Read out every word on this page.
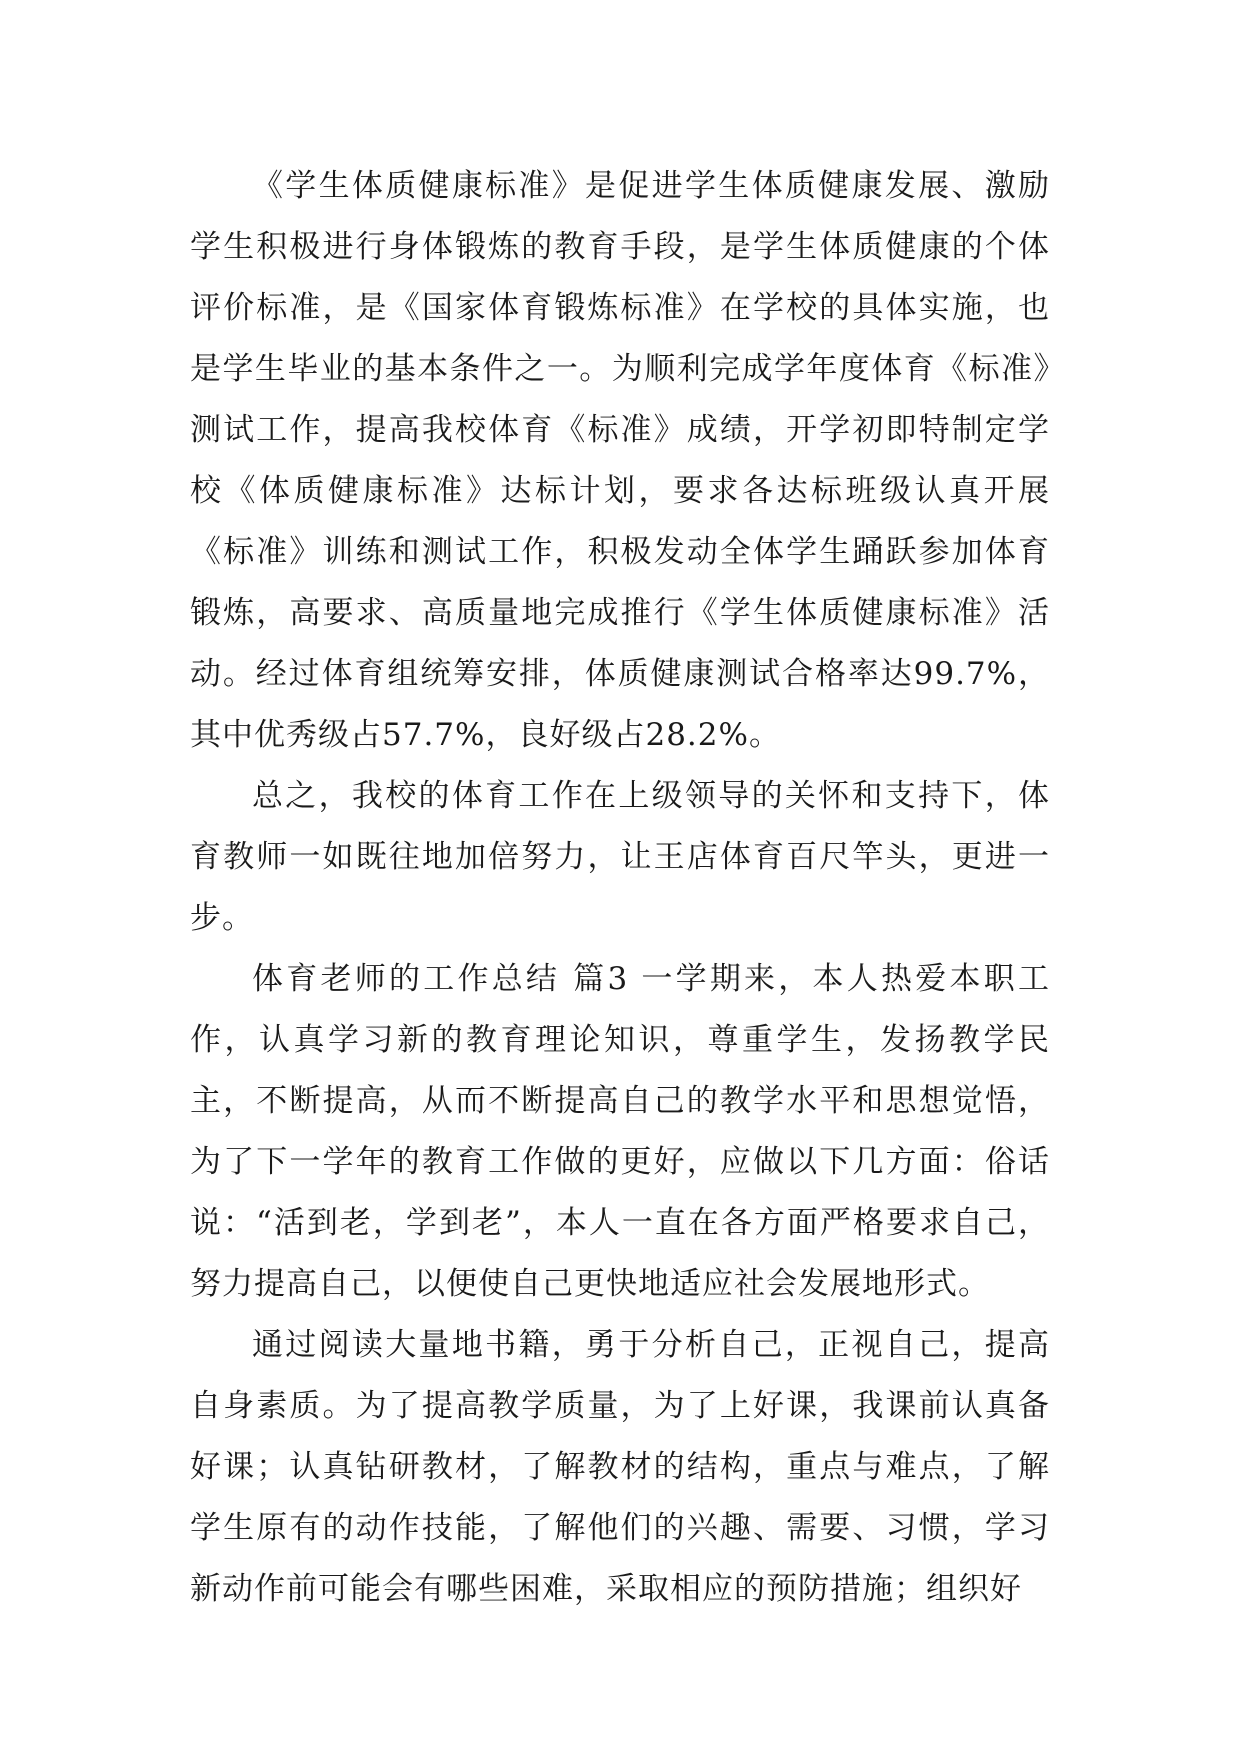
《学生体质健康标准》是促进学生体质健康发展、激励学生积极进行身体锻炼的教育手段，是学生体质健康的个体评价标准，是《国家体育锻炼标准》在学校的具体实施，也是学生毕业的基本条件之一。为顺利完成学年度体育《标准》测试工作，提高我校体育《标准》成绩，开学初即特制定学校《体质健康标准》达标计划，要求各达标班级认真开展《标准》训练和测试工作，积极发动全体学生踊跃参加体育锻炼，高要求、高质量地完成推行《学生体质健康标准》活动。经过体育组统筹安排，体质健康测试合格率达99.7%，其中优秀级占57.7%，良好级占28.2%。

总之，我校的体育工作在上级领导的关怀和支持下，体育教师一如既往地加倍努力，让王店体育百尺竿头，更进一步。

体育老师的工作总结 篇3 一学期来，本人热爱本职工作，认真学习新的教育理论知识，尊重学生，发扬教学民主，不断提高，从而不断提高自己的教学水平和思想觉悟，为了下一学年的教育工作做的更好，应做以下几方面：俗话说：“活到老，学到老”，本人一直在各方面严格要求自己，努力提高自己，以便使自己更快地适应社会发展地形式。

通过阅读大量地书籍，勇于分析自己，正视自己，提高自身素质。为了提高教学质量，为了上好课，我课前认真备好课；认真钻研教材，了解教材的结构，重点与难点，了解学生原有的动作技能，了解他们的兴趣、需要、习惯，学习新动作前可能会有哪些困难，采取相应的预防措施；组织好
